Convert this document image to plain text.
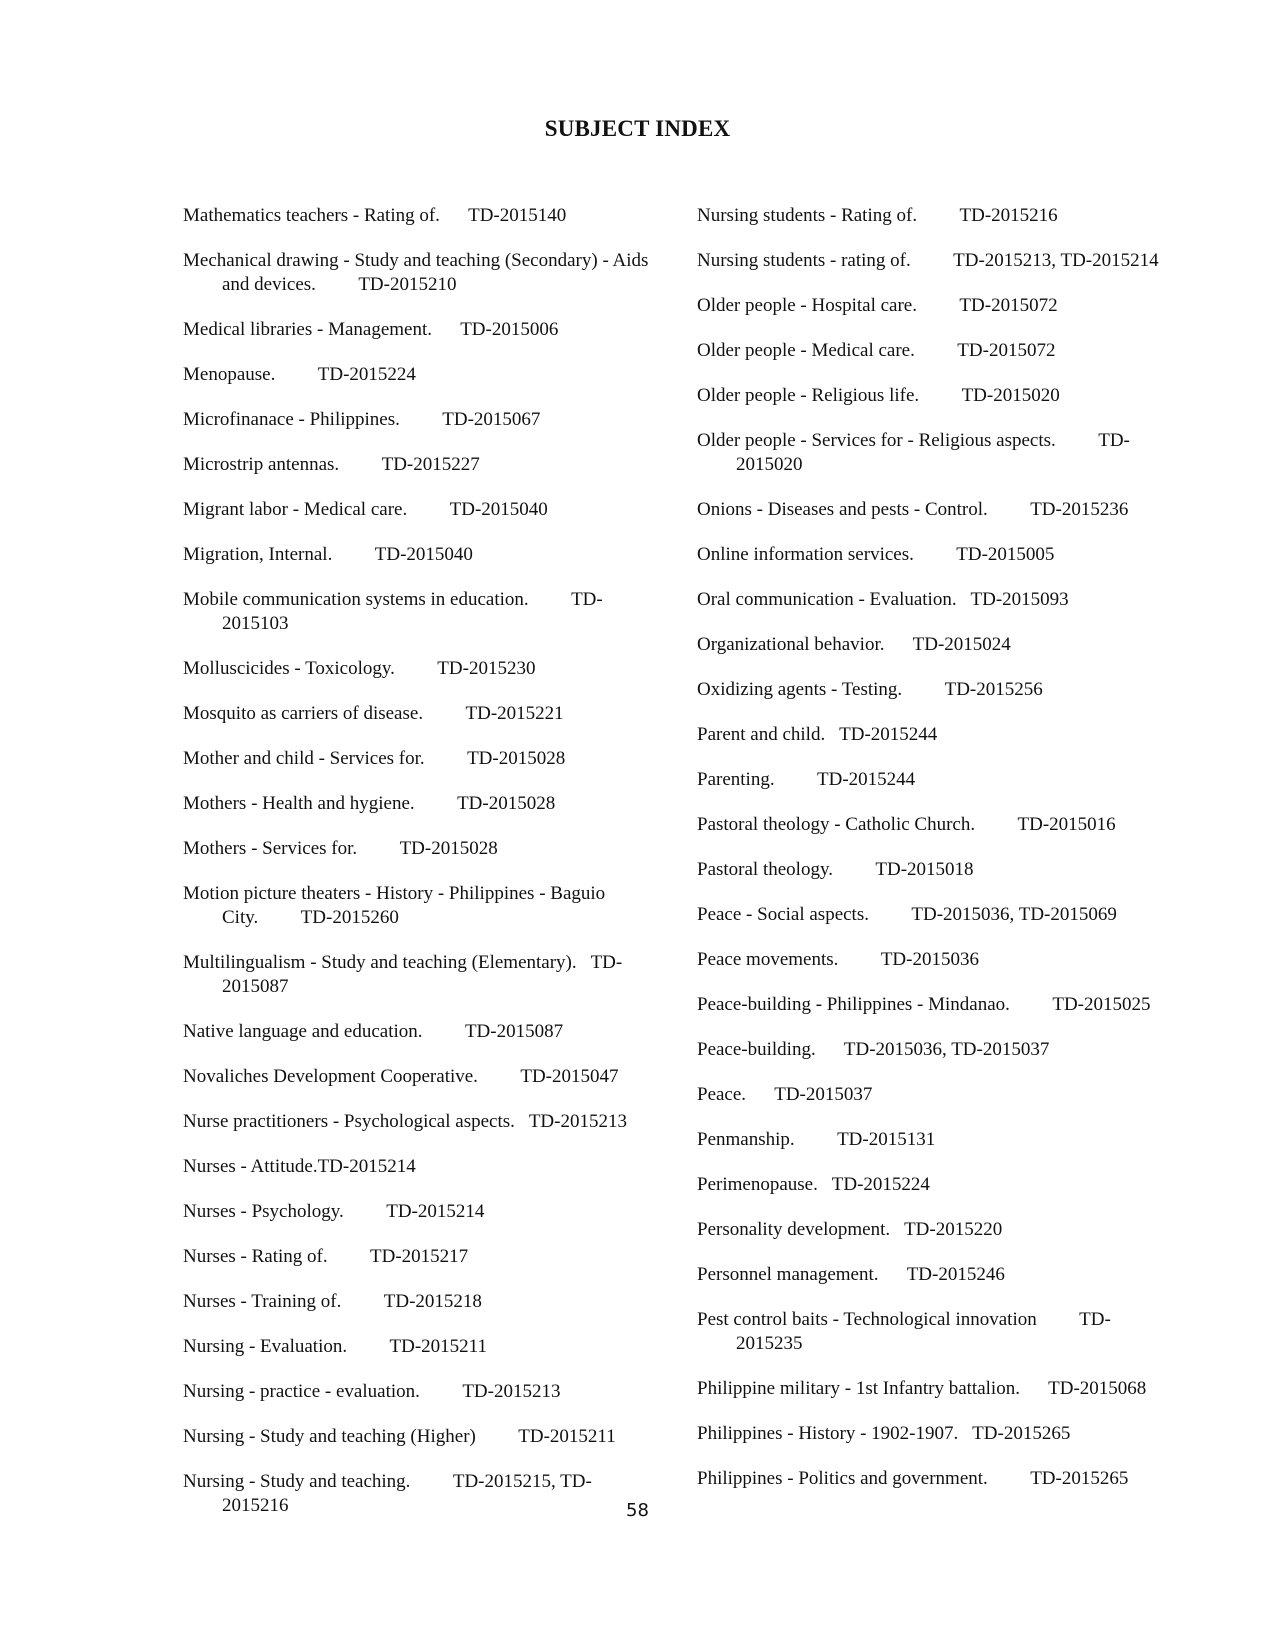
SUBJECT INDEX
Mathematics teachers - Rating of. TD-2015140
Mechanical drawing - Study and teaching (Secondary) - Aids and devices. TD-2015210
Medical libraries - Management. TD-2015006
Menopause. TD-2015224
Microfinanace - Philippines. TD-2015067
Microstrip antennas. TD-2015227
Migrant labor - Medical care. TD-2015040
Migration, Internal. TD-2015040
Mobile communication systems in education. TD-2015103
Molluscicides - Toxicology. TD-2015230
Mosquito as carriers of disease. TD-2015221
Mother and child - Services for. TD-2015028
Mothers - Health and hygiene. TD-2015028
Mothers - Services for. TD-2015028
Motion picture theaters - History - Philippines - Baguio City. TD-2015260
Multilingualism - Study and teaching (Elementary). TD-2015087
Native language and education. TD-2015087
Novaliches Development Cooperative. TD-2015047
Nurse practitioners - Psychological aspects. TD-2015213
Nurses - Attitude.TD-2015214
Nurses - Psychology. TD-2015214
Nurses - Rating of. TD-2015217
Nurses - Training of. TD-2015218
Nursing - Evaluation. TD-2015211
Nursing - practice - evaluation. TD-2015213
Nursing - Study and teaching (Higher) TD-2015211
Nursing - Study and teaching. TD-2015215, TD-2015216
Nursing students - Rating of. TD-2015216
Nursing students - rating of. TD-2015213, TD-2015214
Older people - Hospital care. TD-2015072
Older people - Medical care. TD-2015072
Older people - Religious life. TD-2015020
Older people - Services for - Religious aspects. TD-2015020
Onions - Diseases and pests - Control. TD-2015236
Online information services. TD-2015005
Oral communication - Evaluation. TD-2015093
Organizational behavior. TD-2015024
Oxidizing agents - Testing. TD-2015256
Parent and child. TD-2015244
Parenting. TD-2015244
Pastoral theology - Catholic Church. TD-2015016
Pastoral theology. TD-2015018
Peace - Social aspects. TD-2015036, TD-2015069
Peace movements. TD-2015036
Peace-building - Philippines - Mindanao. TD-2015025
Peace-building. TD-2015036, TD-2015037
Peace. TD-2015037
Penmanship. TD-2015131
Perimenopause. TD-2015224
Personality development. TD-2015220
Personnel management. TD-2015246
Pest control baits - Technological innovation TD-2015235
Philippine military - 1st Infantry battalion. TD-2015068
Philippines - History - 1902-1907. TD-2015265
Philippines - Politics and government. TD-2015265
58
